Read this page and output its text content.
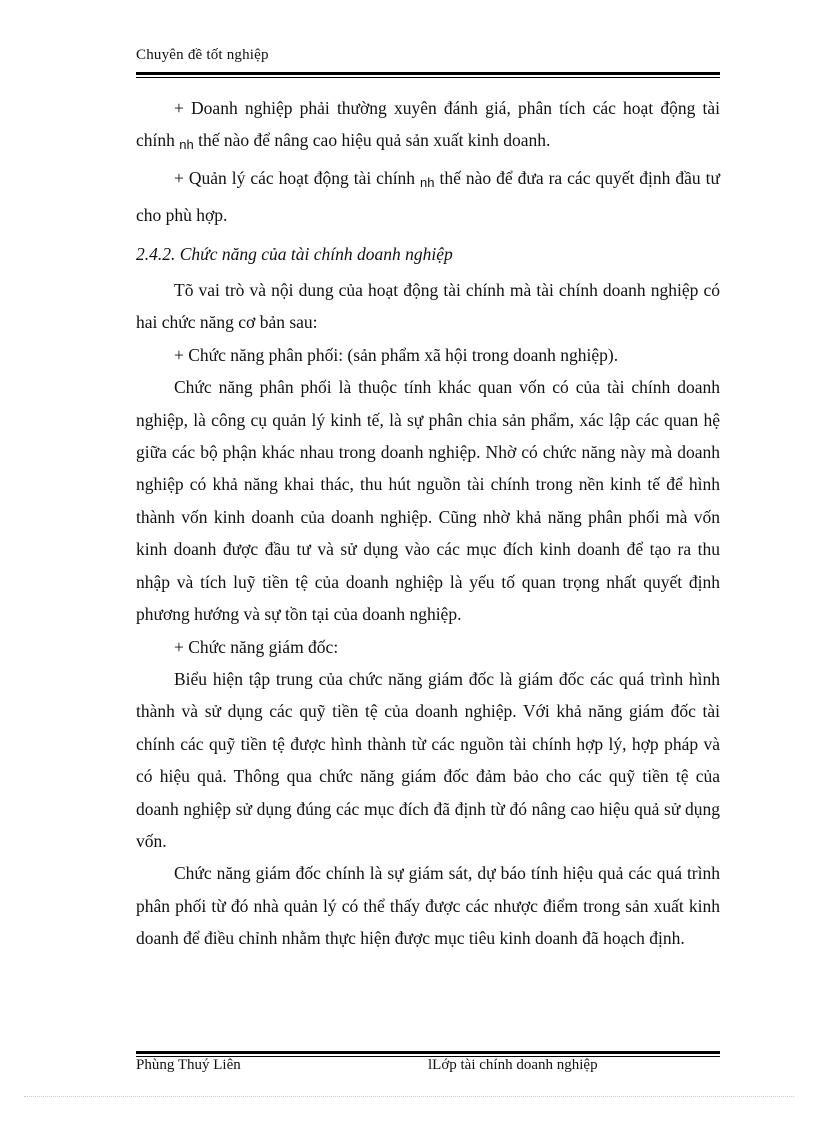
Chuyên đề tốt nghiệp

+ Doanh nghiệp phải thường xuyên đánh giá, phân tích các hoạt động tài chính $_{nh}$ thế nào để nâng cao hiệu quả sản xuất kinh doanh.

+ Quản lý các hoạt động tài chính $_{nh}$ thế nào để đưa ra các quyết định đầu tư cho phù hợp.

2.4.2. Chức năng của tài chính doanh nghiệp

Tõ vai trò và nội dung của hoạt động tài chính mà tài chính doanh nghiệp có hai chức năng cơ bản sau:

+ Chức năng phân phối: (sản phẩm xã hội trong doanh nghiệp).

Chức năng phân phối là thuộc tính khác quan vốn có của tài chính doanh nghiệp, là công cụ quản lý kinh tế, là sự phân chia sản phẩm, xác lập các quan hệ giữa các bộ phận khác nhau trong doanh nghiệp. Nhờ có chức năng này mà doanh nghiệp có khả năng khai thác, thu hút nguồn tài chính trong nền kinh tế để hình thành vốn kinh doanh của doanh nghiệp. Cũng nhờ khả năng phân phối mà vốn kinh doanh được đầu tư và sử dụng vào các mục đích kinh doanh để tạo ra thu nhập và tích luỹ tiền tệ của doanh nghiệp là yếu tố quan trọng nhất quyết định phương hướng và sự tồn tại của doanh nghiệp.

+ Chức năng giám đốc:

Biểu hiện tập trung của chức năng giám đốc là giám đốc các quá trình hình thành và sử dụng các quỹ tiền tệ của doanh nghiệp. Với khả năng giám đốc tài chính các quỹ tiền tệ được hình thành từ các nguồn tài chính hợp lý, hợp pháp và có hiệu quả. Thông qua chức năng giám đốc đảm bảo cho các quỹ tiền tệ của doanh nghiệp sử dụng đúng các mục đích đã định từ đó nâng cao hiệu quả sử dụng vốn.

Chức năng giám đốc chính là sự giám sát, dự báo tính hiệu quả các quá trình phân phối từ đó nhà quản lý có thể thấy được các nhược điểm trong sản xuất kinh doanh để điều chỉnh nhằm thực hiện được mục tiêu kinh doanh đã hoạch định.

Phùng Thuý Liên	lLớp tài chính doanh nghiệp
